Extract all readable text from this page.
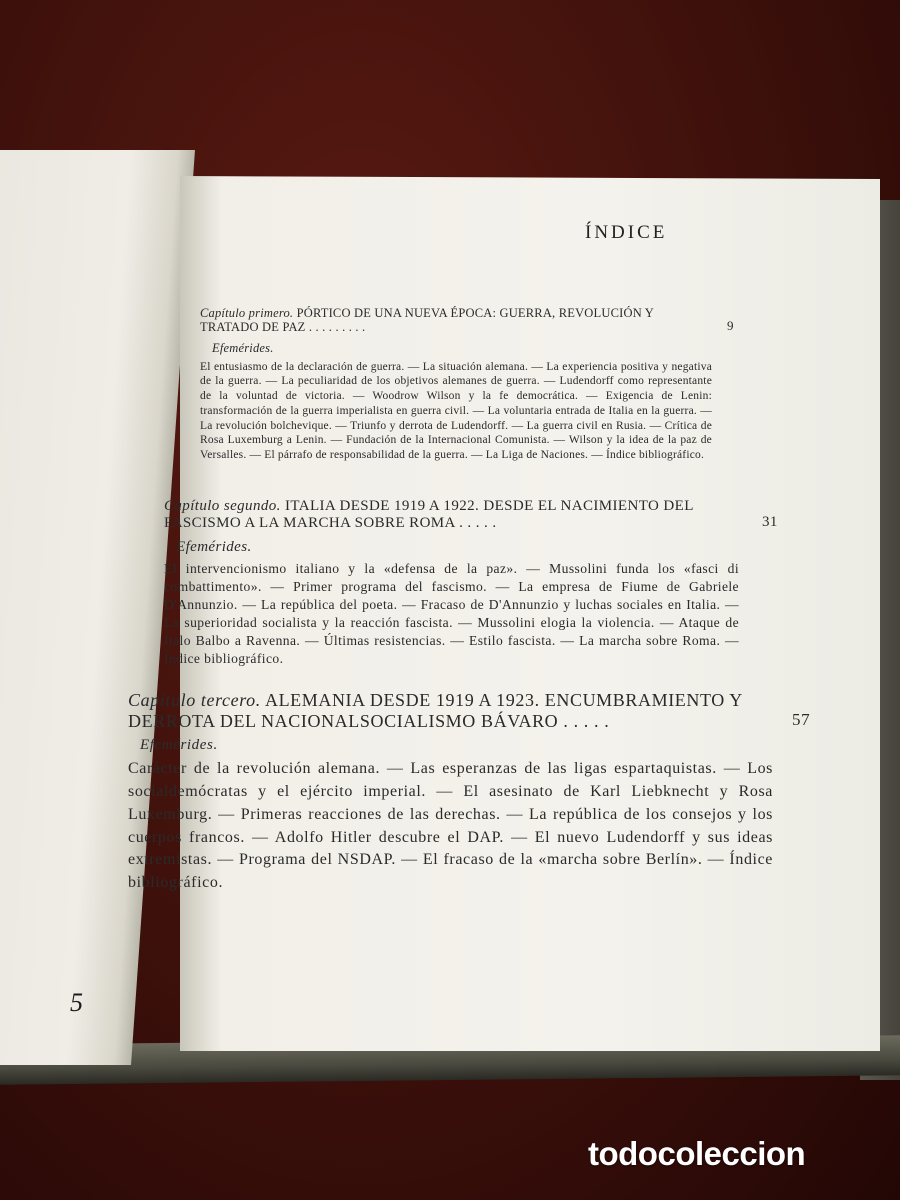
5
ÍNDICE
Capítulo primero. PÓRTICO DE UNA NUEVA ÉPOCA: GUERRA, REVOLUCIÓN Y TRATADO DE PAZ . . . . . . . . .	9
Efemérides.
El entusiasmo de la declaración de guerra. — La situación alemana. — La experiencia positiva y negativa de la guerra. — La peculiaridad de los objetivos alemanes de guerra. — Ludendorff como representante de la voluntad de victoria. — Woodrow Wilson y la fe democrática. — Exigencia de Lenin: transformación de la guerra imperialista en guerra civil. — La voluntaria entrada de Italia en la guerra. — La revolución bolchevique. — Triunfo y derrota de Ludendorff. — La guerra civil en Rusia. — Crítica de Rosa Luxemburg a Lenin. — Fundación de la Internacional Comunista. — Wilson y la idea de la paz de Versalles. — El párrafo de responsabilidad de la guerra. — La Liga de Naciones. — Índice bibliográfico.
Capítulo segundo. ITALIA DESDE 1919 A 1922. DESDE EL NACIMIENTO DEL FASCISMO A LA MARCHA SOBRE ROMA . . . . .	31
Efemérides.
El intervencionismo italiano y la «defensa de la paz». — Mussolini funda los «fasci di combattimento». — Primer programa del fascismo. — La empresa de Fiume de Gabriele D'Annunzio. — La república del poeta. — Fracaso de D'Annunzio y luchas sociales en Italia. — La superioridad socialista y la reacción fascista. — Mussolini elogia la violencia. — Ataque de Italo Balbo a Ravenna. — Últimas resistencias. — Estilo fascista. — La marcha sobre Roma. — Índice bibliográfico.
Capítulo tercero. ALEMANIA DESDE 1919 A 1923. ENCUMBRAMIENTO Y DERROTA DEL NACIONALSOCIALISMO BÁVARO . . . . .	57
Efemérides.
Carácter de la revolución alemana. — Las esperanzas de las ligas espartaquistas. — Los socialdemócratas y el ejército imperial. — El asesinato de Karl Liebknecht y Rosa Luxemburg. — Primeras reacciones de las derechas. — La república de los consejos y los cuerpos francos. — Adolfo Hitler descubre el DAP. — El nuevo Ludendorff y sus ideas extremistas. — Programa del NSDAP. — El fracaso de la «marcha sobre Berlín». — Índice bibliográfico.
todocoleccion
